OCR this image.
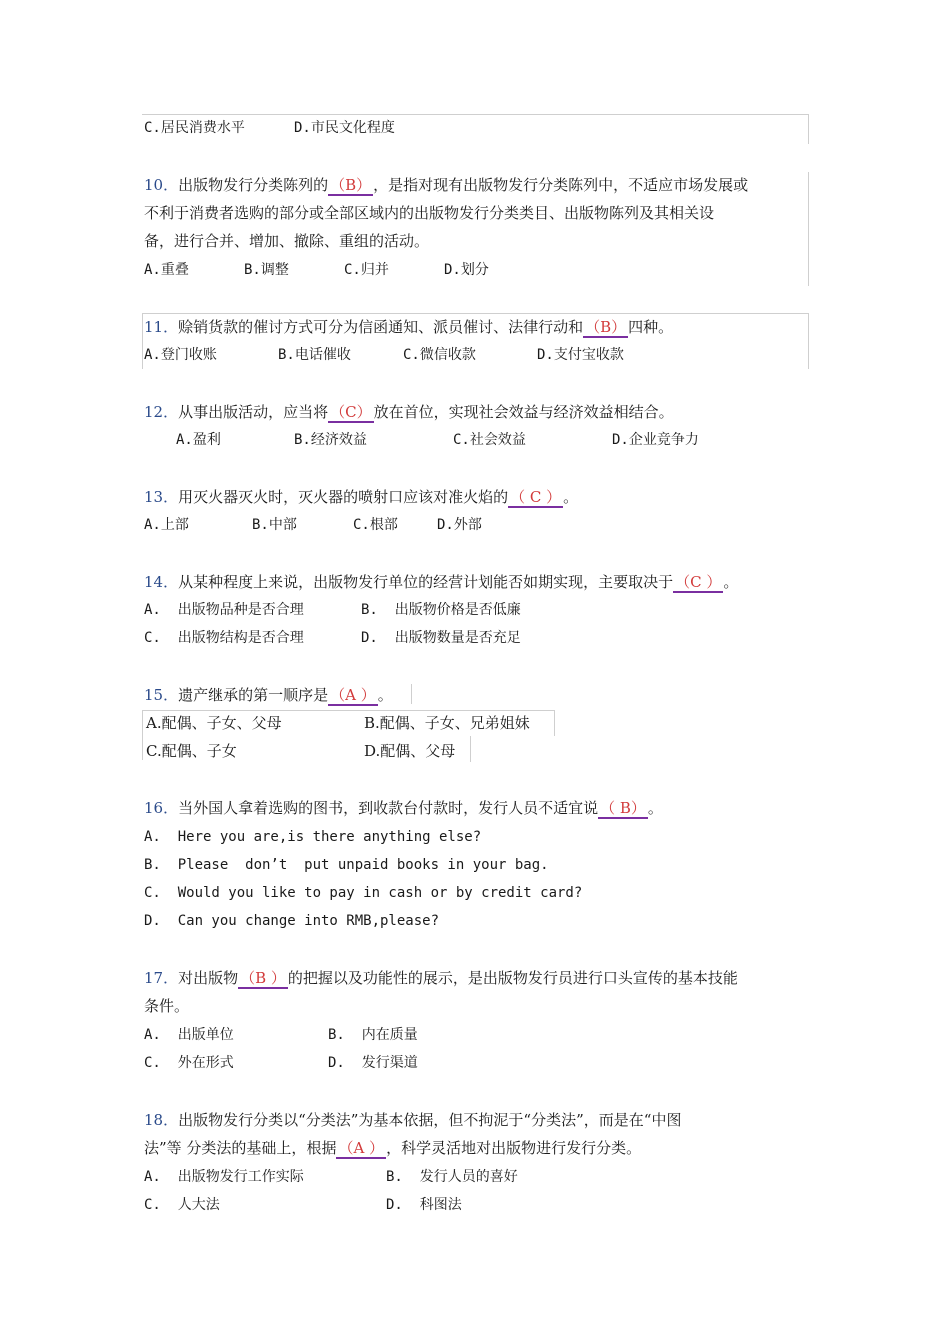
C.居民消费水平	D.市民文化程度
10．出版物发行分类陈列的 （B） ，是指对现有出版物发行分类陈列中，不适应市场发展或
不利于消费者选购的部分或全部区域内的出版物发行分类类目、出版物陈列及其相关设
备，进行合并、增加、撤除、重组的活动。
A.重叠	B.调整	C.归并	D.划分
11．赊销货款的催讨方式可分为信函通知、派员催讨、法律行动和 （B） 四种。
A.登门收账	B.电话催收	C.微信收款	D.支付宝收款
12．从事出版活动，应当将 （C） 放在首位，实现社会效益与经济效益相结合。
A.盈利	B.经济效益	C.社会效益	D.企业竞争力
13．用灭火器灭火时，灭火器的喷射口应该对准火焰的 （ C ） 。
A.上部	B.中部	C.根部	D.外部
14．从某种程度上来说，出版物发行单位的经营计划能否如期实现，主要取决于 （C ） 。
A.  出版物品种是否合理	B.  出版物价格是否低廉
C.  出版物结构是否合理	D.  出版物数量是否充足
15．遗产继承的第一顺序是 （A ） 。
A.配偶、子女、父母	B.配偶、子女、兄弟姐妹
C.配偶、子女	D.配偶、父母
16．当外国人拿着选购的图书，到收款台付款时，发行人员不适宜说 （ B） 。
A.  Here you are,is there anything else?
B.  Please  don’t  put unpaid books in your bag.
C.  Would you like to pay in cash or by credit card?
D.  Can you change into RMB,please?
17．对出版物 （B ） 的把握以及功能性的展示，是出版物发行员进行口头宣传的基本技能
条件。
A.  出版单位	B.  内在质量
C.  外在形式	D.  发行渠道
18．出版物发行分类以“分类法”为基本依据，但不拘泥于“分类法”，而是在“中图
法”等 分类法的基础上，根据 （A ） ，科学灵活地对出版物进行发行分类。
A.  出版物发行工作实际	B.  发行人员的喜好
C.  人大法	D.  科图法
